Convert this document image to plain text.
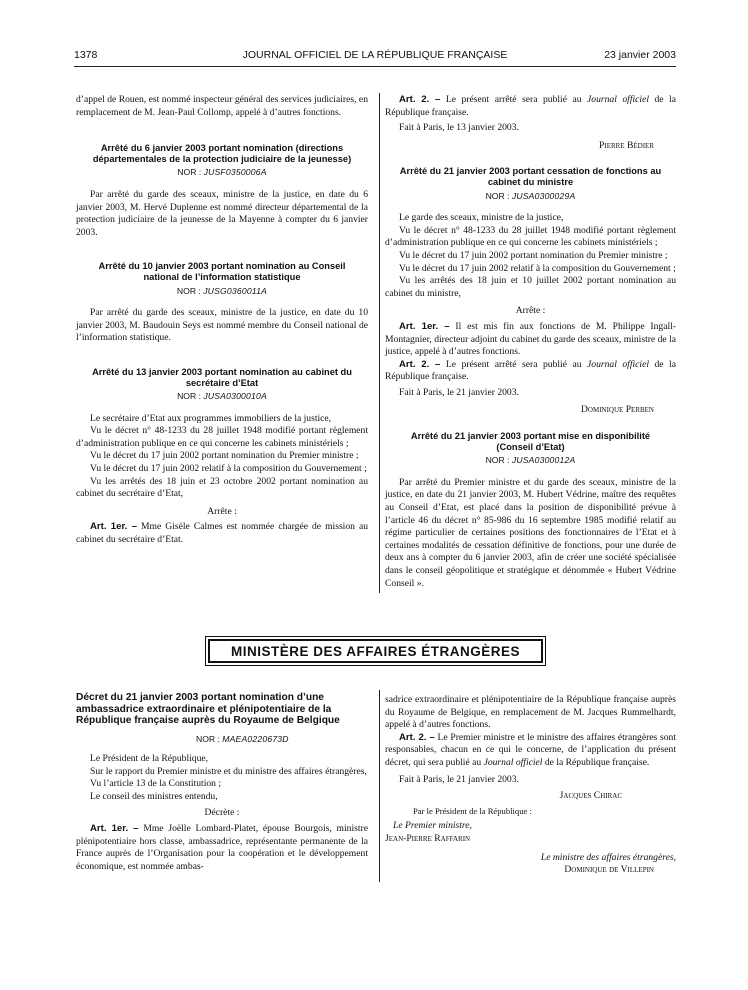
1378	JOURNAL OFFICIEL DE LA RÉPUBLIQUE FRANÇAISE	23 janvier 2003

d’appel de Rouen, est nommé inspecteur général des services judiciaires, en remplacement de M. Jean-Paul Collomp, appelé à d’autres fonctions.

Arrêté du 6 janvier 2003 portant nomination (directions départementales de la protection judiciaire de la jeunesse)

NOR : JUSF0350006A

Par arrêté du garde des sceaux, ministre de la justice, en date du 6 janvier 2003, M. Hervé Duplenne est nommé directeur départemental de la protection judiciaire de la jeunesse de la Mayenne à compter du 6 janvier 2003.

Arrêté du 10 janvier 2003 portant nomination au Conseil national de l’information statistique

NOR : JUSG0360011A

Par arrêté du garde des sceaux, ministre de la justice, en date du 10 janvier 2003, M. Baudouin Seys est nommé membre du Conseil national de l’information statistique.

Arrêté du 13 janvier 2003 portant nomination au cabinet du secrétaire d’Etat

NOR : JUSA0300010A

Le secrétaire d’Etat aux programmes immobiliers de la justice,

Vu le décret n° 48-1233 du 28 juillet 1948 modifié portant règlement d’administration publique en ce qui concerne les cabinets ministériels ;

Vu le décret du 17 juin 2002 portant nomination du Premier ministre ;

Vu le décret du 17 juin 2002 relatif à la composition du Gouvernement ;

Vu les arrêtés des 18 juin et 23 octobre 2002 portant nomination au cabinet du secrétaire d’Etat,

Arrête :

Art. 1er. – Mme Gisèle Calmes est nommée chargée de mission au cabinet du secrétaire d’Etat.

Art. 2. – Le présent arrêté sera publié au Journal officiel de la République française.

Fait à Paris, le 13 janvier 2003.

Pierre Bédier

Arrêté du 21 janvier 2003 portant cessation de fonctions au cabinet du ministre

NOR : JUSA0300029A

Le garde des sceaux, ministre de la justice,

Vu le décret n° 48-1233 du 28 juillet 1948 modifié portant règlement d’administration publique en ce qui concerne les cabinets ministériels ;

Vu le décret du 17 juin 2002 portant nomination du Premier ministre ;

Vu le décret du 17 juin 2002 relatif à la composition du Gouvernement ;

Vu les arrêtés des 18 juin et 10 juillet 2002 portant nomination au cabinet du ministre,

Arrête :

Art. 1er. – Il est mis fin aux fonctions de M. Philippe Ingall-Montagnier, directeur adjoint du cabinet du garde des sceaux, ministre de la justice, appelé à d’autres fonctions.

Art. 2. – Le présent arrêté sera publié au Journal officiel de la République française.

Fait à Paris, le 21 janvier 2003.

Dominique Perben

Arrêté du 21 janvier 2003 portant mise en disponibilité (Conseil d’Etat)

NOR : JUSA0300012A

Par arrêté du Premier ministre et du garde des sceaux, ministre de la justice, en date du 21 janvier 2003, M. Hubert Védrine, maître des requêtes au Conseil d’Etat, est placé dans la position de disponibilité prévue à l’article 46 du décret n° 85-986 du 16 septembre 1985 modifié relatif au régime particulier de certaines positions des fonctionnaires de l’Etat et à certaines modalités de cessation définitive de fonctions, pour une durée de deux ans à compter du 6 janvier 2003, afin de créer une société spécialisée dans le conseil géopolitique et stratégique et dénommée « Hubert Védrine Conseil ».

MINISTÈRE DES AFFAIRES ÉTRANGÈRES

Décret du 21 janvier 2003 portant nomination d’une ambassadrice extraordinaire et plénipotentiaire de la République française auprès du Royaume de Belgique

NOR : MAEA0220673D

Le Président de la République,

Sur le rapport du Premier ministre et du ministre des affaires étrangères,

Vu l’article 13 de la Constitution ;

Le conseil des ministres entendu,

Décrète :

Art. 1er. – Mme Joëlle Lombard-Platet, épouse Bourgois, ministre plénipotentiaire hors classe, ambassadrice, représentante permanente de la France auprès de l’Organisation pour la coopération et le développement économique, est nommée ambas-

sadrice extraordinaire et plénipotentiaire de la République française auprès du Royaume de Belgique, en remplacement de M. Jacques Rummelhardt, appelé à d’autres fonctions.

Art. 2. – Le Premier ministre et le ministre des affaires étrangères sont responsables, chacun en ce qui le concerne, de l’application du présent décret, qui sera publié au Journal officiel de la République française.

Fait à Paris, le 21 janvier 2003.

Jacques Chirac

Par le Président de la République :

Le Premier ministre,

Jean-Pierre Raffarin

Le ministre des affaires étrangères,

Dominique de Villepin
